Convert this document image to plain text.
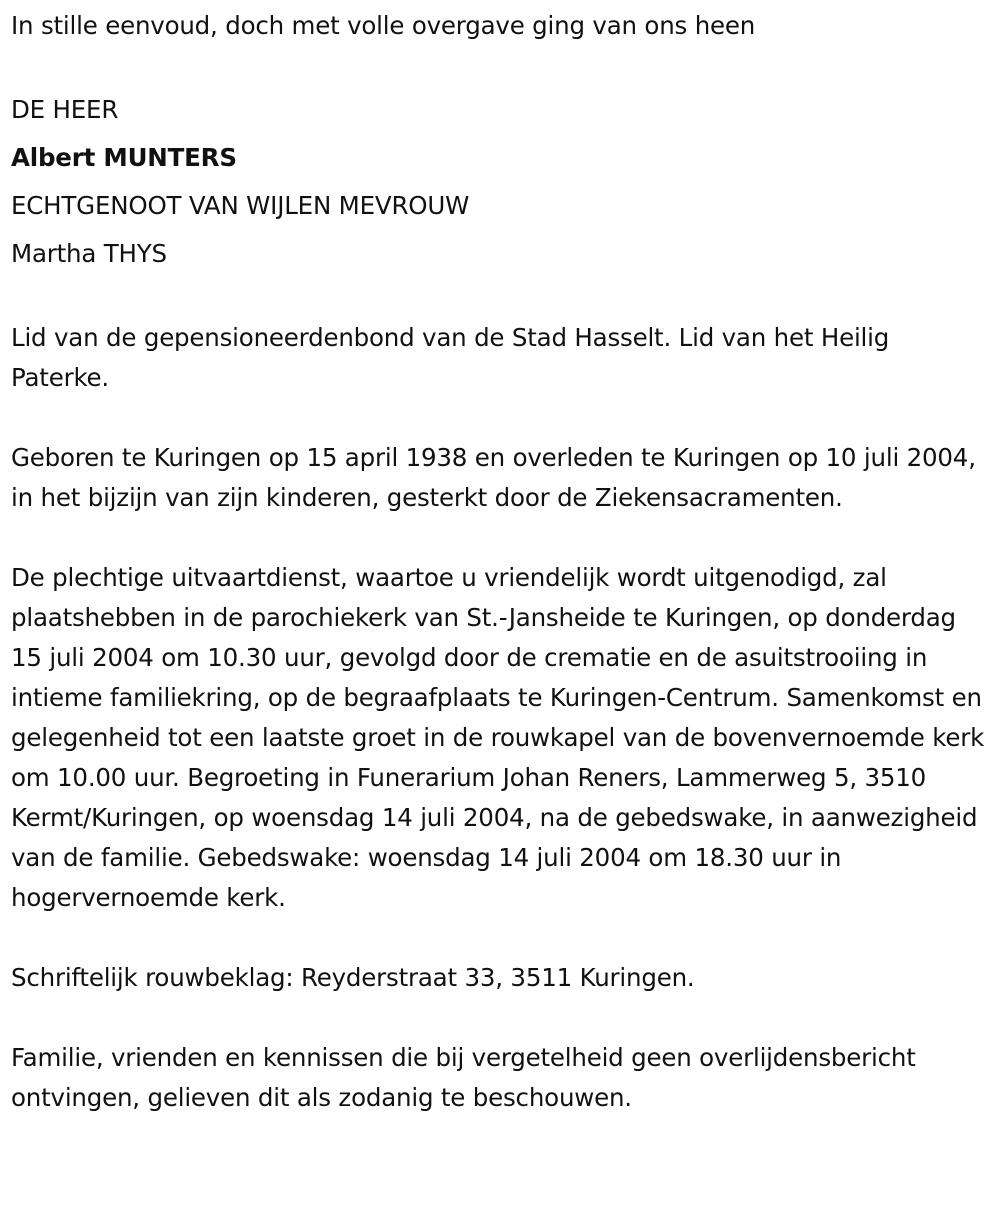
In stille eenvoud, doch met volle overgave ging van ons heen

DE HEER

Albert MUNTERS

ECHTGENOOT VAN WIJLEN MEVROUW

Martha THYS

Lid van de gepensioneerdenbond van de Stad Hasselt. Lid van het Heilig Paterke.

Geboren te Kuringen op 15 april 1938 en overleden te Kuringen op 10 juli 2004, in het bijzijn van zijn kinderen, gesterkt door de Ziekensacramenten.

De plechtige uitvaartdienst, waartoe u vriendelijk wordt uitgenodigd, zal plaatshebben in de parochiekerk van St.-Jansheide te Kuringen, op donderdag 15 juli 2004 om 10.30 uur, gevolgd door de crematie en de asuitstrooiing in intieme familiekring, op de begraafplaats te Kuringen-Centrum. Samenkomst en gelegenheid tot een laatste groet in de rouwkapel van de bovenvernoemde kerk om 10.00 uur. Begroeting in Funerarium Johan Reners, Lammerweg 5, 3510 Kermt/Kuringen, op woensdag 14 juli 2004, na de gebedswake, in aanwezigheid van de familie. Gebedswake: woensdag 14 juli 2004 om 18.30 uur in hogervernoemde kerk.

Schriftelijk rouwbeklag: Reyderstraat 33, 3511 Kuringen.

Familie, vrienden en kennissen die bij vergetelheid geen overlijdensbericht ontvingen, gelieven dit als zodanig te beschouwen.
